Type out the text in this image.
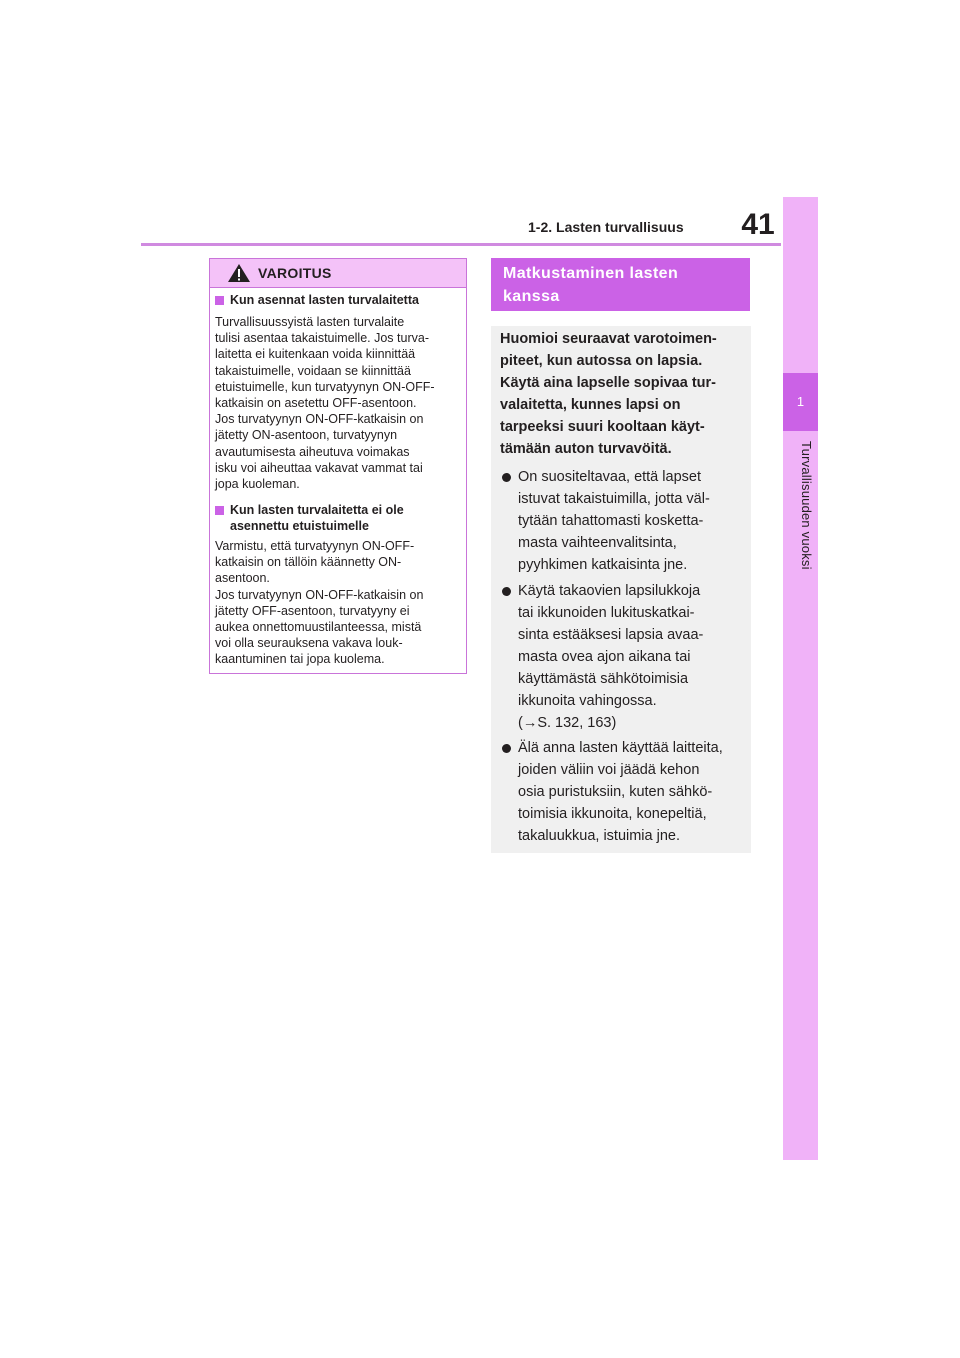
1-2. Lasten turvallisuus 41
1
Turvallisuuden vuoksi
VAROITUS
Kun asennat lasten turvalaitetta
Turvallisuussyistä lasten turvalaite
tulisi asentaa takaistuimelle. Jos turva-
laitetta ei kuitenkaan voida kiinnittää
takaistuimelle, voidaan se kiinnittää
etuistuimelle, kun turvatyynyn ON-OFF-
katkaisin on asetettu OFF-asentoon.
Jos turvatyynyn ON-OFF-katkaisin on
jätetty ON-asentoon, turvatyynyn
avautumisesta aiheutuva voimakas
isku voi aiheuttaa vakavat vammat tai
jopa kuoleman.
Kun lasten turvalaitetta ei ole
asennettu etuistuimelle
Varmistu, että turvatyynyn ON-OFF-
katkaisin on tällöin käännetty ON-
asentoon.
Jos turvatyynyn ON-OFF-katkaisin on
jätetty OFF-asentoon, turvatyyny ei
aukea onnettomuustilanteessa, mistä
voi olla seurauksena vakava louk-
kaantuminen tai jopa kuolema.
Matkustaminen lasten
kanssa
Huomioi seuraavat varotoimen-
piteet, kun autossa on lapsia.
Käytä aina lapselle sopivaa tur-
valaitetta, kunnes lapsi on
tarpeeksi suuri kooltaan käyt-
tämään auton turvavöitä.
On suositeltavaa, että lapset
istuvat takaistuimilla, jotta väl-
tytään tahattomasti kosketta-
masta vaihteenvalitsinta,
pyyhkimen katkaisinta jne.
Käytä takaovien lapsilukkoja
tai ikkunoiden lukituskatkai-
sinta estääksesi lapsia avaa-
masta ovea ajon aikana tai
käyttämästä sähkötoimisia
ikkunoita vahingossa.
(→S. 132, 163)
Älä anna lasten käyttää laitteita,
joiden väliin voi jäädä kehon
osia puristuksiin, kuten sähkö-
toimisia ikkunoita, konepeltiä,
takaluukkua, istuimia jne.
